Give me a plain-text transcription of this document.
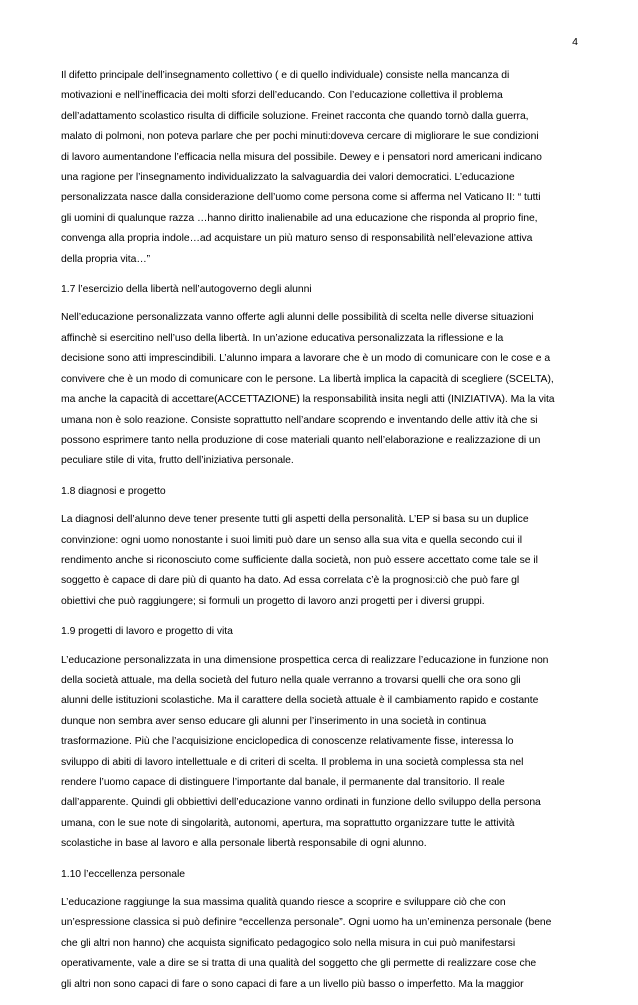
4

Il difetto principale dell’insegnamento collettivo ( e di quello individuale) consiste nella mancanza di
motivazioni e nell’inefficacia dei molti sforzi dell’educando. Con l’educazione collettiva il problema
dell’adattamento scolastico risulta di difficile soluzione. Freinet racconta che quando tornò dalla guerra,
malato di polmoni, non poteva parlare che per pochi minuti:doveva cercare di migliorare le sue condizioni
di lavoro aumentandone l’efficacia nella misura del possibile. Dewey e i pensatori nord americani indicano
una ragione per l’insegnamento individualizzato la salvaguardia dei valori democratici. L’educazione
personalizzata nasce dalla considerazione dell’uomo come persona come si afferma nel Vaticano II: “ tutti
gli uomini di qualunque razza …hanno diritto inalienabile ad una educazione che risponda al proprio fine,
convenga alla propria indole…ad acquistare un più maturo senso di responsabilità nell’elevazione attiva
della propria vita…”

1.7 l’esercizio della libertà nell’autogoverno degli alunni

Nell’educazione personalizzata vanno offerte agli alunni delle possibilità di scelta nelle diverse situazioni
affinchè si esercitino nell’uso della libertà. In un’azione educativa personalizzata la riflessione e la
decisione sono atti imprescindibili. L’alunno impara a lavorare che è un modo di comunicare con le cose e a
convivere che è un modo di comunicare con le persone. La libertà implica la capacità di scegliere (SCELTA),
ma anche la capacità di accettare(ACCETTAZIONE) la responsabilità insita negli atti (INIZIATIVA). Ma la vita
umana non è solo reazione. Consiste soprattutto nell’andare scoprendo e inventando delle attiv ità che si
possono esprimere tanto nella produzione di cose materiali quanto nell’elaborazione e realizzazione di un
peculiare stile di vita, frutto dell’iniziativa personale.

1.8 diagnosi e progetto

La diagnosi dell’alunno deve tener presente tutti gli aspetti della personalità. L’EP si basa su un duplice
convinzione: ogni uomo nonostante i suoi limiti può dare un senso alla sua vita e quella secondo cui il
rendimento anche si riconosciuto come sufficiente dalla società, non può essere accettato come tale se il
soggetto è capace di dare più di quanto ha dato. Ad essa correlata c’è la prognosi:ciò che può fare gl
obiettivi che può raggiungere; si formuli un progetto di lavoro anzi progetti per i diversi gruppi.

1.9 progetti di lavoro e progetto di vita

L’educazione personalizzata in una dimensione prospettica cerca di realizzare l’educazione in funzione non
della società attuale, ma della società del futuro nella quale verranno a trovarsi quelli che ora sono gli
alunni delle istituzioni scolastiche. Ma il carattere della società attuale è il cambiamento rapido e costante
dunque non sembra aver senso educare gli alunni per l’inserimento in una società in continua
trasformazione. Più che l’acquisizione enciclopedica di conoscenze relativamente fisse, interessa lo
sviluppo di abiti di lavoro intellettuale e di criteri di scelta. Il problema in una società complessa sta nel
rendere l’uomo capace di distinguere l’importante dal banale, il permanente dal transitorio. Il reale
dall’apparente. Quindi gli obbiettivi dell’educazione vanno ordinati in funzione dello sviluppo della persona
umana, con le sue note di singolarità, autonomi, apertura, ma soprattutto organizzare tutte le attività
scolastiche in base al lavoro e alla personale libertà responsabile di ogni alunno.

1.10 l’eccellenza personale

L’educazione raggiunge la sua massima qualità quando riesce a scoprire e sviluppare ciò che con
un’espressione classica si può definire “eccellenza personale”. Ogni uomo ha un’eminenza personale (bene
che gli altri non hanno) che acquista significato pedagogico solo nella misura in cui può manifestarsi
operativamente, vale a dire se si tratta di una qualità del soggetto che gli permette di realizzare cose che
gli altri non sono capaci di fare o sono capaci di fare a un livello più basso o imperfetto. Ma la maggior
